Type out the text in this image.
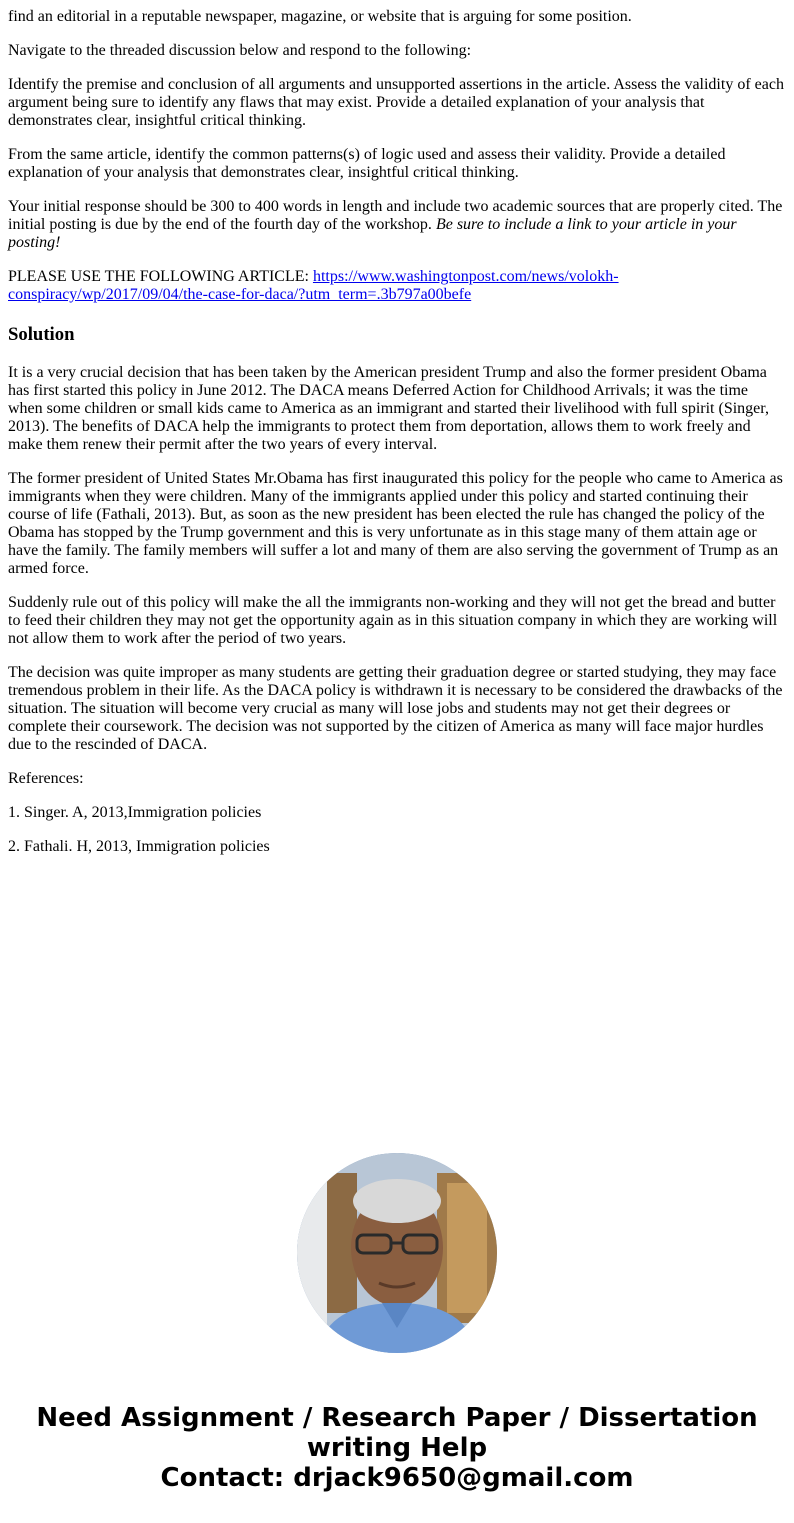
find an editorial in a reputable newspaper, magazine, or website that is arguing for some position.

Navigate to the threaded discussion below and respond to the following:

Identify the premise and conclusion of all arguments and unsupported assertions in the article. Assess the validity of each argument being sure to identify any flaws that may exist. Provide a detailed explanation of your analysis that demonstrates clear, insightful critical thinking.

From the same article, identify the common patterns(s) of logic used and assess their validity. Provide a detailed explanation of your analysis that demonstrates clear, insightful critical thinking.

Your initial response should be 300 to 400 words in length and include two academic sources that are properly cited. The initial posting is due by the end of the fourth day of the workshop. Be sure to include a link to your article in your posting!

PLEASE USE THE FOLLOWING ARTICLE: https://www.washingtonpost.com/news/volokh-conspiracy/wp/2017/09/04/the-case-for-daca/?utm_term=.3b797a00befe

Solution

It is a very crucial decision that has been taken by the American president Trump and also the former president Obama has first started this policy in June 2012. The DACA means Deferred Action for Childhood Arrivals; it was the time when some children or small kids came to America as an immigrant and started their livelihood with full spirit (Singer, 2013). The benefits of DACA help the immigrants to protect them from deportation, allows them to work freely and make them renew their permit after the two years of every interval.

The former president of United States Mr.Obama has first inaugurated this policy for the people who came to America as immigrants when they were children. Many of the immigrants applied under this policy and started continuing their course of life (Fathali, 2013). But, as soon as the new president has been elected the rule has changed the policy of the Obama has stopped by the Trump government and this is very unfortunate as in this stage many of them attain age or have the family. The family members will suffer a lot and many of them are also serving the government of Trump as an armed force.

Suddenly rule out of this policy will make the all the immigrants non-working and they will not get the bread and butter to feed their children they may not get the opportunity again as in this situation company in which they are working will not allow them to work after the period of two years.

The decision was quite improper as many students are getting their graduation degree or started studying, they may face tremendous problem in their life. As the DACA policy is withdrawn it is necessary to be considered the drawbacks of the situation. The situation will become very crucial as many will lose jobs and students may not get their degrees or complete their coursework. The decision was not supported by the citizen of America as many will face major hurdles due to the rescinded of DACA.

References:

1. Singer. A, 2013,Immigration policies

2. Fathali. H, 2013, Immigration policies

Need Assignment / Research Paper / Dissertation writing Help
Contact: drjack9650@gmail.com
